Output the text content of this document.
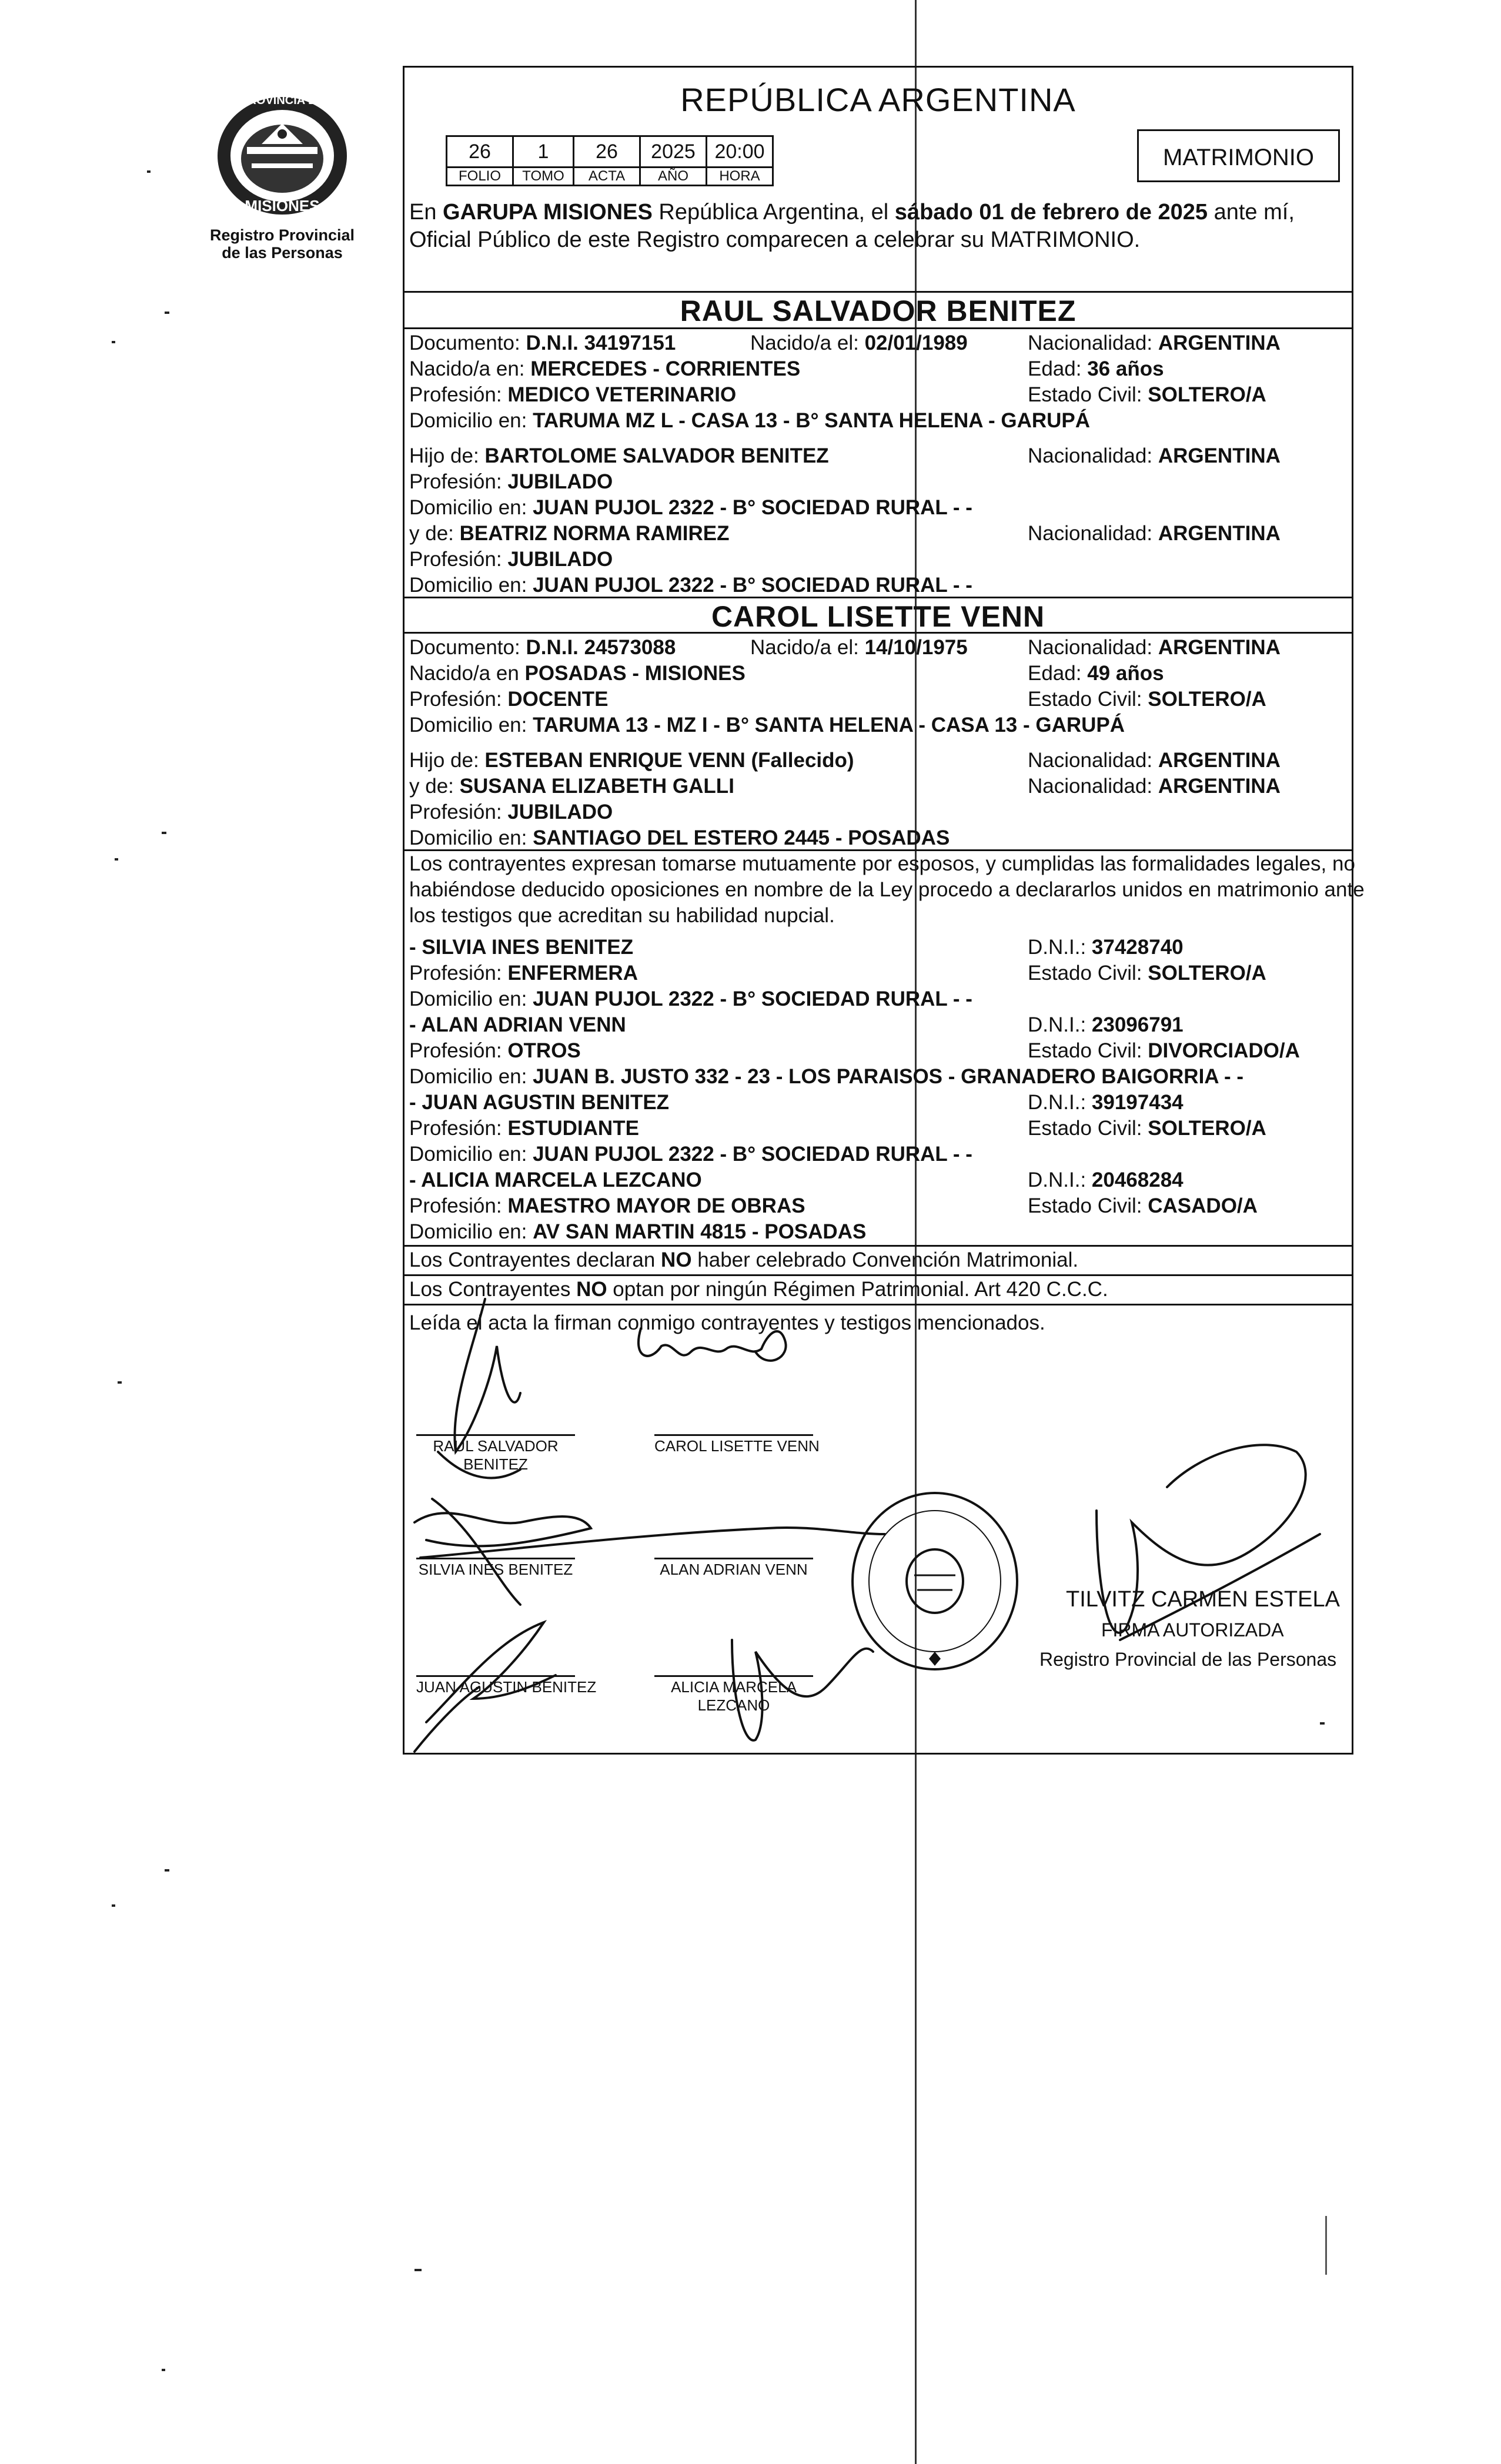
PROVINCIA DE
MISIONES
Registro Provincial
de las Personas
REPÚBLICA ARGENTINA
26	1	26	2025	20:00
FOLIO	TOMO	ACTA	AÑO	HORA
MATRIMONIO
En GARUPA MISIONES República Argentina, el sábado 01 de febrero de 2025 ante mí,
Oficial Público de este Registro comparecen a celebrar su MATRIMONIO.
RAUL SALVADOR BENITEZ
Documento: D.N.I. 34197151	Nacido/a el: 02/01/1989	Nacionalidad: ARGENTINA
Nacido/a en: MERCEDES - CORRIENTES	Edad: 36 años
Profesión: MEDICO VETERINARIO	Estado Civil: SOLTERO/A
Domicilio en: TARUMA MZ L - CASA 13 - B° SANTA HELENA - GARUPÁ
Hijo de: BARTOLOME SALVADOR BENITEZ	Nacionalidad: ARGENTINA
Profesión: JUBILADO
Domicilio en: JUAN PUJOL 2322 - B° SOCIEDAD RURAL - -
y de: BEATRIZ NORMA RAMIREZ	Nacionalidad: ARGENTINA
Profesión: JUBILADO
Domicilio en: JUAN PUJOL 2322 - B° SOCIEDAD RURAL - -
CAROL LISETTE VENN
Documento: D.N.I. 24573088	Nacido/a el: 14/10/1975	Nacionalidad: ARGENTINA
Nacido/a en POSADAS - MISIONES	Edad: 49 años
Profesión: DOCENTE	Estado Civil: SOLTERO/A
Domicilio en: TARUMA 13 - MZ I - B° SANTA HELENA - CASA 13 - GARUPÁ
Hijo de: ESTEBAN ENRIQUE VENN (Fallecido)	Nacionalidad: ARGENTINA
y de: SUSANA ELIZABETH GALLI	Nacionalidad: ARGENTINA
Profesión: JUBILADO
Domicilio en: SANTIAGO DEL ESTERO 2445 - POSADAS
Los contrayentes expresan tomarse mutuamente por esposos, y cumplidas las formalidades legales, no
habiéndose deducido oposiciones en nombre de la Ley procedo a declararlos unidos en matrimonio ante
los testigos que acreditan su habilidad nupcial.
- SILVIA INES BENITEZ	D.N.I.: 37428740
Profesión: ENFERMERA	Estado Civil: SOLTERO/A
Domicilio en: JUAN PUJOL 2322 - B° SOCIEDAD RURAL - -
- ALAN ADRIAN VENN	D.N.I.: 23096791
Profesión: OTROS	Estado Civil: DIVORCIADO/A
Domicilio en: JUAN B. JUSTO 332 - 23 - LOS PARAISOS - GRANADERO BAIGORRIA - -
- JUAN AGUSTIN BENITEZ	D.N.I.: 39197434
Profesión: ESTUDIANTE	Estado Civil: SOLTERO/A
Domicilio en: JUAN PUJOL 2322 - B° SOCIEDAD RURAL - -
- ALICIA MARCELA LEZCANO	D.N.I.: 20468284
Profesión: MAESTRO MAYOR DE OBRAS	Estado Civil: CASADO/A
Domicilio en: AV SAN MARTIN 4815 - POSADAS
Los Contrayentes declaran NO haber celebrado Convención Matrimonial.
Los Contrayentes NO optan por ningún Régimen Patrimonial. Art 420 C.C.C.
Leída el acta la firman conmigo contrayentes y testigos mencionados.
RAUL SALVADOR
BENITEZ
CAROL LISETTE VENN
SILVIA INES BENITEZ	ALAN ADRIAN VENN
JUAN AGUSTIN BENITEZ	ALICIA MARCELA
LEZCANO
TILVITZ CARMEN ESTELA
FIRMA AUTORIZADA
Registro Provincial de las Personas
